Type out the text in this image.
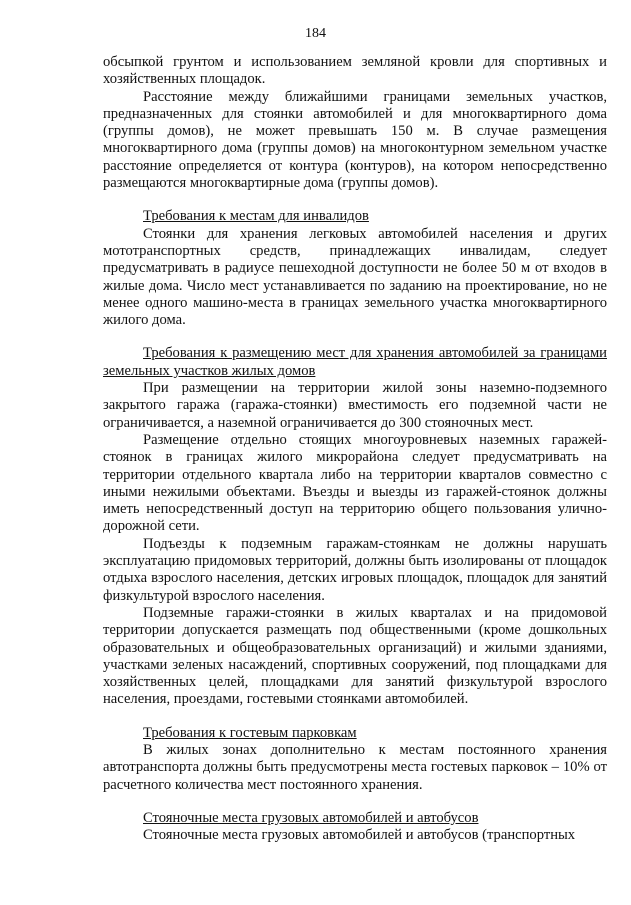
184

обсыпкой грунтом и использованием земляной кровли для спортивных и хозяйственных площадок.

Расстояние между ближайшими границами земельных участков, предназначенных для стоянки автомобилей и для многоквартирного дома (группы домов), не может превышать 150 м. В случае размещения многоквартирного дома (группы домов) на многоконтурном земельном участке расстояние определяется от контура (контуров), на котором непосредственно размещаются многоквартирные дома (группы домов).

Требования к местам для инвалидов

Стоянки для хранения легковых автомобилей населения и других мототранспортных средств, принадлежащих инвалидам, следует предусматривать в радиусе пешеходной доступности не более 50 м от входов в жилые дома. Число мест устанавливается по заданию на проектирование, но не менее одного машино-места в границах земельного участка многоквартирного жилого дома.

Требования к размещению мест для хранения автомобилей за границами земельных участков жилых домов

При размещении на территории жилой зоны наземно-подземного закрытого гаража (гаража-стоянки) вместимость его подземной части не ограничивается, а наземной ограничивается до 300 стояночных мест.

Размещение отдельно стоящих многоуровневых наземных гаражей-стоянок в границах жилого микрорайона следует предусматривать на территории отдельного квартала либо на территории кварталов совместно с иными нежилыми объектами. Въезды и выезды из гаражей-стоянок должны иметь непосредственный доступ на территорию общего пользования улично-дорожной сети.

Подъезды к подземным гаражам-стоянкам не должны нарушать эксплуатацию придомовых территорий, должны быть изолированы от площадок отдыха взрослого населения, детских игровых площадок, площадок для занятий физкультурой взрослого населения.

Подземные гаражи-стоянки в жилых кварталах и на придомовой территории допускается размещать под общественными (кроме дошкольных образовательных и общеобразовательных организаций) и жилыми зданиями, участками зеленых насаждений, спортивных сооружений, под площадками для хозяйственных целей, площадками для занятий физкультурой взрослого населения, проездами, гостевыми стоянками автомобилей.

Требования к гостевым парковкам

В жилых зонах дополнительно к местам постоянного хранения автотранспорта должны быть предусмотрены места гостевых парковок – 10% от расчетного количества мест постоянного хранения.

Стояночные места грузовых автомобилей и автобусов

Стояночные места грузовых автомобилей и автобусов (транспортных
